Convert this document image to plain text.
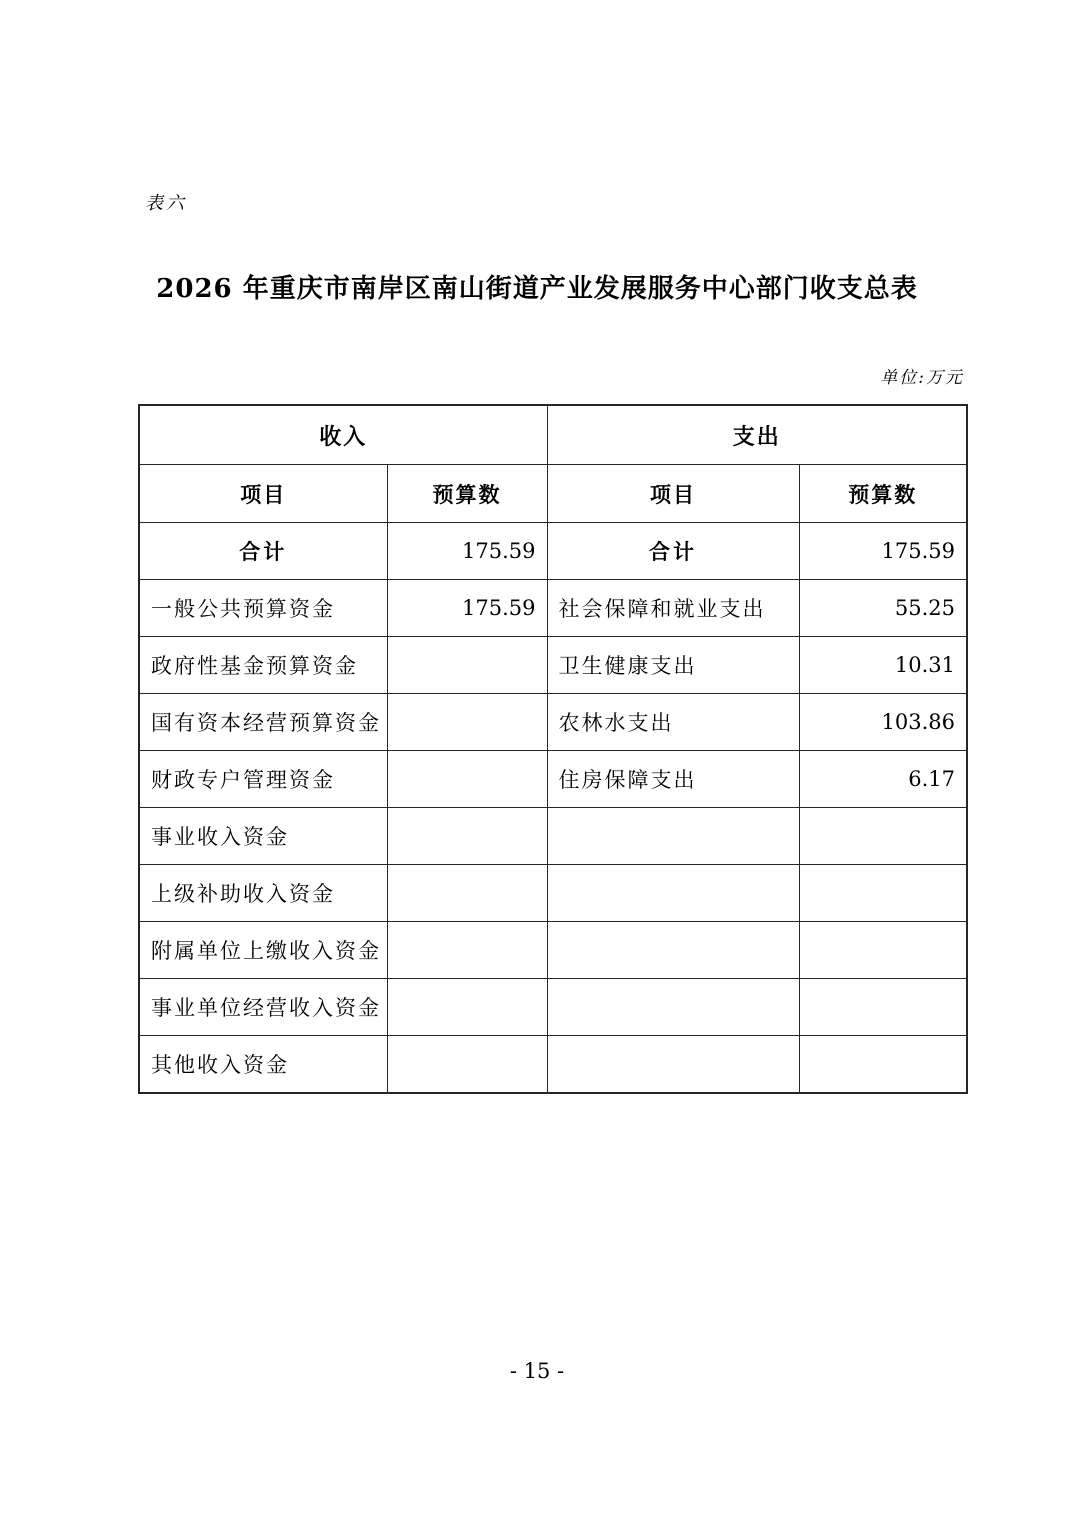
表六
2026 年重庆市南岸区南山街道产业发展服务中心部门收支总表
单位:万元
收入		支出	
项目	预算数	项目	预算数
合计	175.59	合计	175.59
一般公共预算资金	175.59	社会保障和就业支出	55.25
政府性基金预算资金		卫生健康支出	10.31
国有资本经营预算资金		农林水支出	103.86
财政专户管理资金		住房保障支出	6.17
事业收入资金			
上级补助收入资金			
附属单位上缴收入资金			
事业单位经营收入资金			
其他收入资金			
- 15 -
